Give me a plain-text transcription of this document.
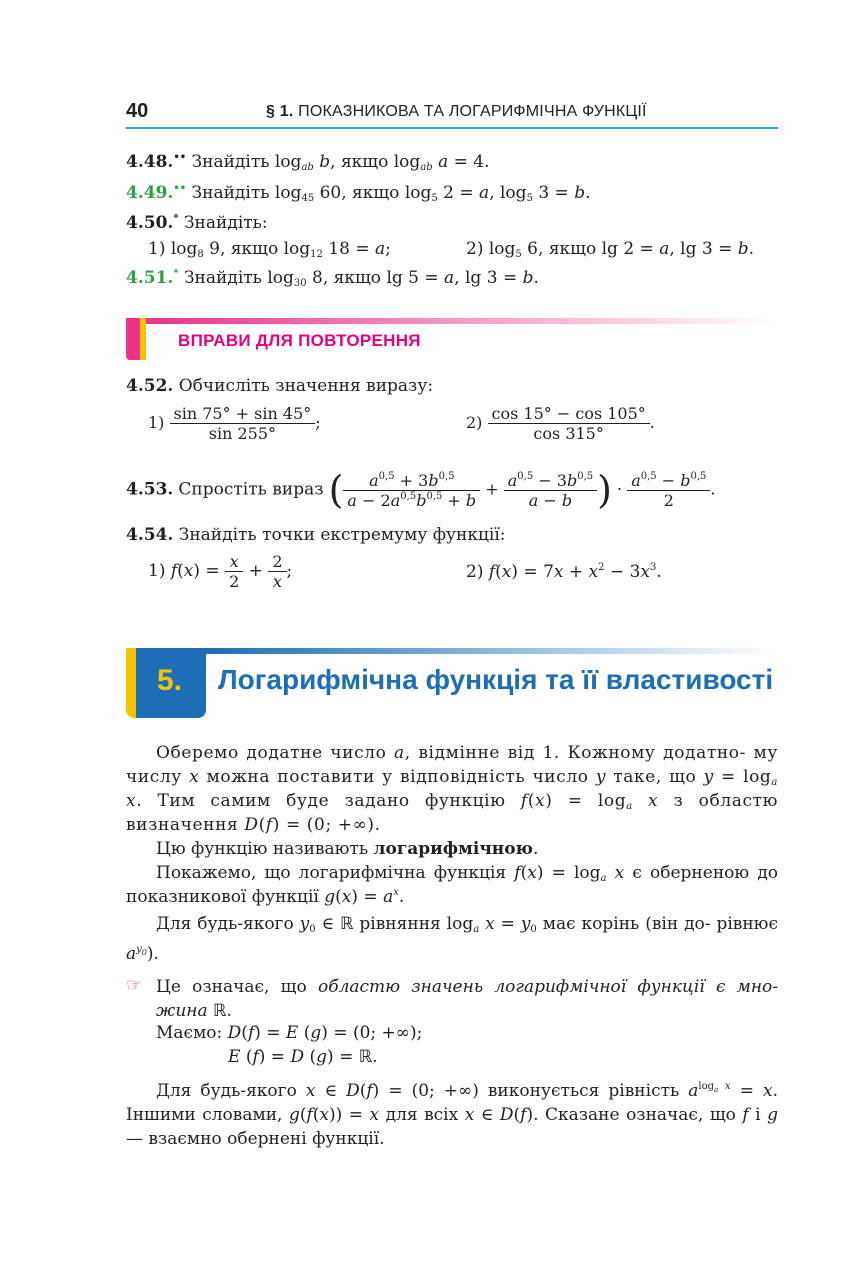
40	§ 1. ПОКАЗНИКОВА ТА ЛОГАРИФМІЧНА ФУНКЦІЇ
4.48.•• Знайдіть $\log_{ab} b$, якщо $\log_{ab} a = 4$.
4.49.•• Знайдіть $\log_{45} 60$, якщо $\log_5 2 = a$, $\log_5 3 = b$.
4.50.* Знайдіть:
1) $\log_8 9$, якщо $\log_{12} 18 = a$;	2) $\log_5 6$, якщо lg 2 = a, lg 3 = b.
4.51.* Знайдіть $\log_{30} 8$, якщо lg 5 = a, lg 3 = b.
ВПРАВИ ДЛЯ ПОВТОРЕННЯ
4.52. Обчисліть значення виразу:
$1) \frac{\sin 75^\circ + \sin 45^\circ}{\sin 255^\circ}$ ;	$2) \frac{\cos 15^\circ - \cos 105^\circ}{\cos 315^\circ}$ .
4.53. Спростіть вираз ( $\frac{a^{0,5} + 3b^{0,5}}{a - 2a^{0,5}b^{0,5} + b} + \frac{a^{0,5} - 3b^{0,5}}{a - b}$ ) · $\frac{a^{0,5} - b^{0,5}}{2}$ .
4.54. Знайдіть точки екстремуму функції:
1) $f(x) = \frac{x}{2} + \frac{2}{x}$ ;	2) $f(x) = 7x + x^2 - 3x^3$.
5. Логарифмічна функція та її властивості
Оберемо додатне число a, відмінне від 1. Кожному додатно- му числу x можна поставити у відповідність число y таке, що $y = \log_a x$. Тим самим буде задано функцію $f(x) = \log_a x$ з областю визначення D(f) = (0; +∞).
Цю функцію називають логарифмічною.
Покажемо, що логарифмічна функція $f(x) = \log_a x$ є оберненою до показникової функції $g(x) = a^x$.
Для будь-якого $y_0$ ∈ ℝ рівняння $\log_a x = y_0$ має корінь (він до- рівнює $a^{y_0}$).
☞ Це означає, що областю значень логарифмічної функції є мно- жина ℝ.
Маємо: D(f) = E (g) = (0; +∞);
E (f) = D (g) = ℝ.
Для будь-якого x ∈ D(f) = (0; +∞) виконується рівність $a^{log_a x} = x$. Іншими словами, g(f(x)) = x для всіх x ∈ D(f). Сказане означає, що f і g — взаємно обернені функції.
